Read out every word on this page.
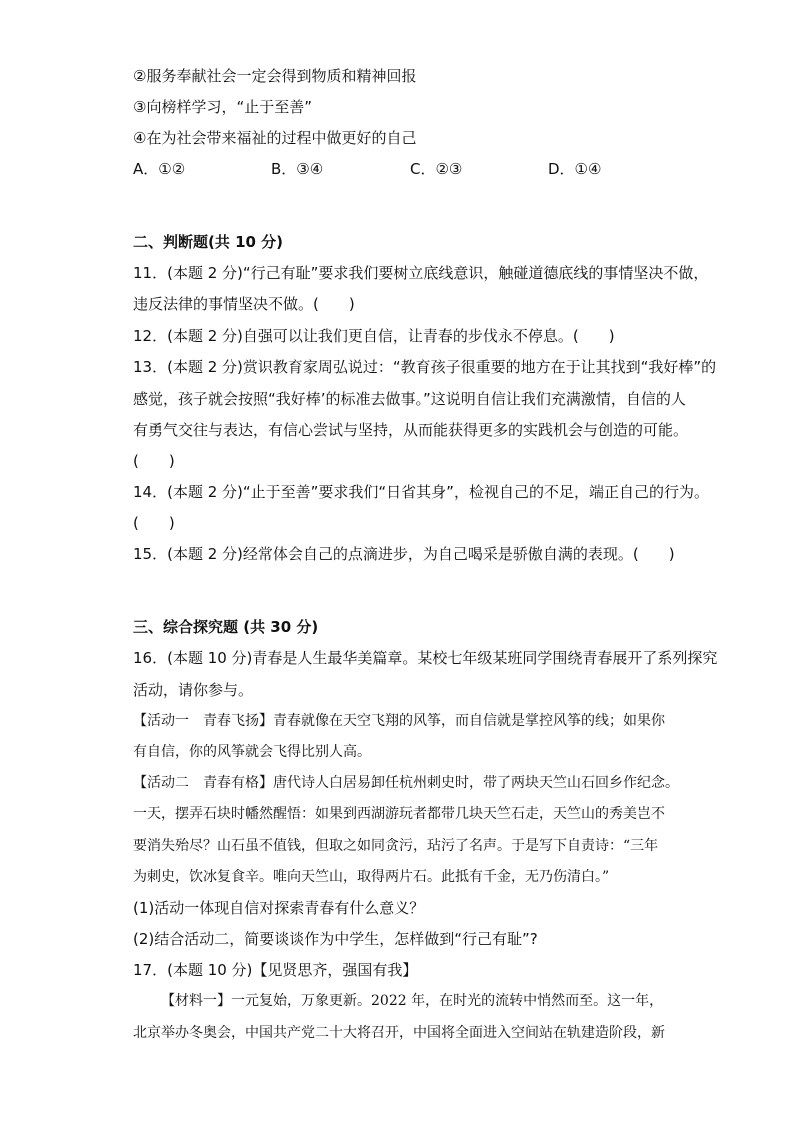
②服务奉献社会一定会得到物质和精神回报
③向榜样学习，“止于至善”
④在为社会带来福祉的过程中做更好的自己
A．①②	B．③④	C．②③	D．①④
二、判断题(共 10 分)
11．(本题 2 分)“行己有耻”要求我们要树立底线意识，触碰道德底线的事情坚决不做，
违反法律的事情坚决不做。(　　)
12．(本题 2 分)自强可以让我们更自信，让青春的步伐永不停息。(　　)
13．(本题 2 分)赏识教育家周弘说过：“教育孩子很重要的地方在于让其找到“我好棒”的
感觉，孩子就会按照“我好棒’的标准去做事。”这说明自信让我们充满激情，自信的人
有勇气交往与表达，有信心尝试与坚持，从而能获得更多的实践机会与创造的可能。
(　　)
14．(本题 2 分)“止于至善”要求我们“日省其身”，检视自己的不足，端正自己的行为。
(　　)
15．(本题 2 分)经常体会自己的点滴进步，为自己喝采是骄傲自满的表现。(　　)
三、综合探究题 (共 30 分)
16．(本题 10 分)青春是人生最华美篇章。某校七年级某班同学围绕青春展开了系列探究
活动，请你参与。
【活动一　青春飞扬】青春就像在天空飞翔的风筝，而自信就是掌控风筝的线；如果你
有自信，你的风筝就会飞得比别人高。
【活动二　青春有格】唐代诗人白居易卸任杭州刺史时，带了两块天竺山石回乡作纪念。
一天，摆弄石块时幡然醒悟：如果到西湖游玩者都带几块天竺石走，天竺山的秀美岂不
要消失殆尽？山石虽不值钱，但取之如同贪污，玷污了名声。于是写下自责诗：“三年
为刺史，饮冰复食辛。唯向天竺山，取得两片石。此抵有千金，无乃伤清白。”
(1)活动一体现自信对探索青春有什么意义？
(2)结合活动二，简要谈谈作为中学生，怎样做到“行己有耻”?
17．(本题 10 分)【见贤思齐，强国有我】
【材料一】一元复始，万象更新。2022 年，在时光的流转中悄然而至。这一年，
北京举办冬奥会，中国共产党二十大将召开，中国将全面进入空间站在轨建造阶段，新
